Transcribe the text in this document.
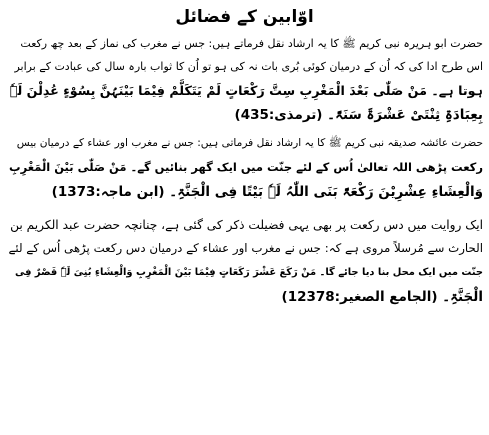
اوّابین کے فضائل
حضرت ابو ہریرہ نبی کریم ﷺ کا یہ ارشاد نقل فرماتے ہیں: جس نے مغرب کی نماز کے بعد چھ رکعت
اس طرح ادا کی کہ اُن کے درمیان کوئی بُری بات نہ کی ہو تو اُن کا ثواب بارہ سال کی عبادت کے برابر
ہوتا ہے۔ مَنْ صَلّٰی بَعْدَ الْمَغْرِبِ سِتَّ رَکْعَاتٍ لَمْ یَتَکَلَّمْ فِیْمَا بَیْنَہُنَّ بِسُوْءٍ عُدِلْنَ لَہٗ
بِعِبَادَۃِ ثِنْتَیْ عَشْرَۃَ سَنَۃً۔ (ترمذی:435)
حضرت عائشہ صدیقہ نبی کریم ﷺ کا یہ ارشاد نقل فرماتی ہیں: جس نے مغرب اور عشاء کے درمیان بیس
رکعت پڑھی اللہ تعالیٰ اُس کے لئے جنّت میں ایک گھر بنائیں گے۔ مَنْ صَلّٰی بَیْنَ الْمَغْرِبِ
وَالْعِشَاءِ عِشْرِیْنَ رَکْعَۃً بَنَی اللّٰہُ لَہٗ بَیْتًا فِی الْجَنَّۃِ۔ (ابن ماجہ:1373)
ایک روایت میں دس رکعت پر بھی یہی فضیلت ذکر کی گئی ہے، چنانچہ حضرت عبد الکریم بن
الحارث سے مُرسلاً مروی ہے کہ: جس نے مغرب اور عشاء کے درمیان دس رکعت پڑھی اُس کے لئے
جنّت میں ایک محل بنا دیا جائے گا۔ مَنْ رَکَعَ عَشْرَ رَکَعَاتٍ فِیْمَا بَیْنَ الْمَغْرِبِ وَالْعِشَاءِ بُنِیَ لَہٗ قَصْرٌ فِی
الْجَنَّۃِ۔ (الجامع الصغیر:12378)
